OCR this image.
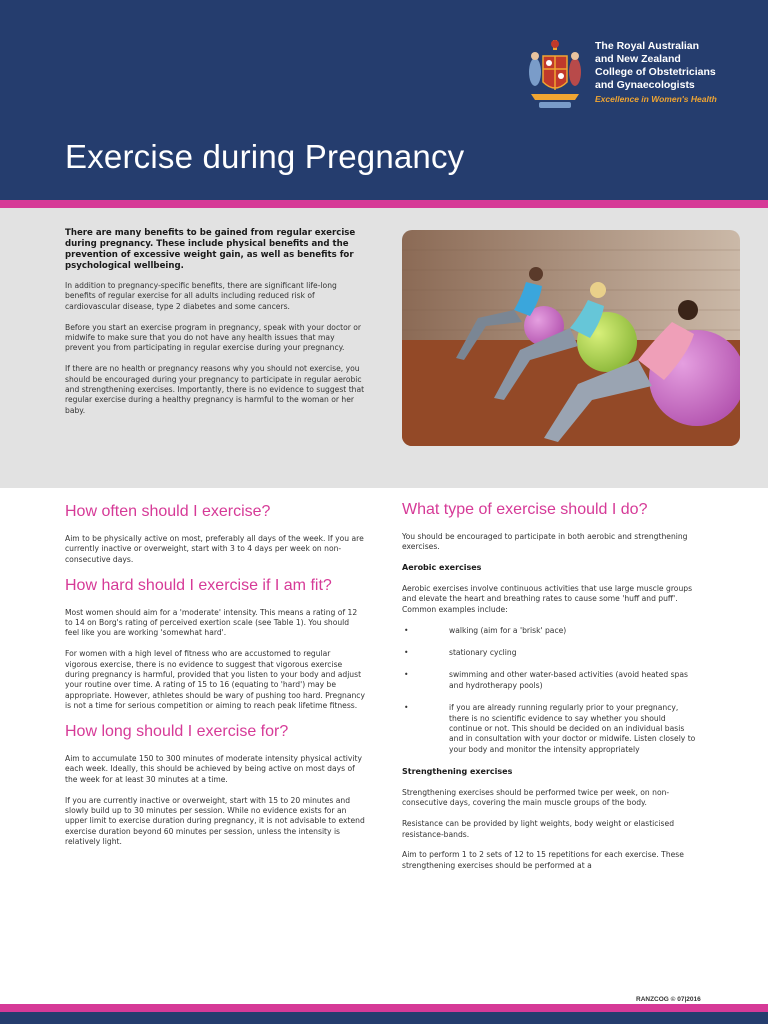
The Royal Australian
and New Zealand
College of Obstetricians
and Gynaecologists
Excellence in Women's Health
Exercise during Pregnancy

There are many benefits to be gained from regular exercise during pregnancy. These include physical benefits and the prevention of excessive weight gain, as well as benefits for psychological wellbeing.

In addition to pregnancy-specific benefits, there are significant life-long benefits of regular exercise for all adults including reduced risk of cardiovascular disease, type 2 diabetes and some cancers.

Before you start an exercise program in pregnancy, speak with your doctor or midwife to make sure that you do not have any health issues that may prevent you from participating in regular exercise during your pregnancy.

If there are no health or pregnancy reasons why you should not exercise, you should be encouraged during your pregnancy to participate in regular aerobic and strengthening exercises. Importantly, there is no evidence to suggest that regular exercise during a healthy pregnancy is harmful to the woman or her baby.

How often should I exercise?

Aim to be physically active on most, preferably all days of the week. If you are currently inactive or overweight, start with 3 to 4 days per week on non-consecutive days.

How hard should I exercise if I am fit?

Most women should aim for a 'moderate' intensity. This means a rating of 12 to 14 on Borg's rating of perceived exertion scale (see Table 1). You should feel like you are working 'somewhat hard'.

For women with a high level of fitness who are accustomed to regular vigorous exercise, there is no evidence to suggest that vigorous exercise during pregnancy is harmful, provided that you listen to your body and adjust your routine over time. A rating of 15 to 16 (equating to 'hard') may be appropriate. However, athletes should be wary of pushing too hard. Pregnancy is not a time for serious competition or aiming to reach peak lifetime fitness.

How long should I exercise for?

Aim to accumulate 150 to 300 minutes of moderate intensity physical activity each week. Ideally, this should be achieved by being active on most days of the week for at least 30 minutes at a time.

If you are currently inactive or overweight, start with 15 to 20 minutes and slowly build up to 30 minutes per session. While no evidence exists for an upper limit to exercise duration during pregnancy, it is not advisable to extend exercise duration beyond 60 minutes per session, unless the intensity is relatively light.

What type of exercise should I do?

You should be encouraged to participate in both aerobic and strengthening exercises.

Aerobic exercises

Aerobic exercises involve continuous activities that use large muscle groups and elevate the heart and breathing rates to cause some 'huff and puff'. Common examples include:

•	walking (aim for a 'brisk' pace)
•	stationary cycling
•	swimming and other water-based activities (avoid heated spas and hydrotherapy pools)
•	if you are already running regularly prior to your pregnancy, there is no scientific evidence to say whether you should continue or not. This should be decided on an individual basis and in consultation with your doctor or midwife. Listen closely to your body and monitor the intensity appropriately

Strengthening exercises

Strengthening exercises should be performed twice per week, on non-consecutive days, covering the main muscle groups of the body.

Resistance can be provided by light weights, body weight or elasticised resistance-bands.

Aim to perform 1 to 2 sets of 12 to 15 repetitions for each exercise. These strengthening exercises should be performed at a

RANZCOG © 07|2016
